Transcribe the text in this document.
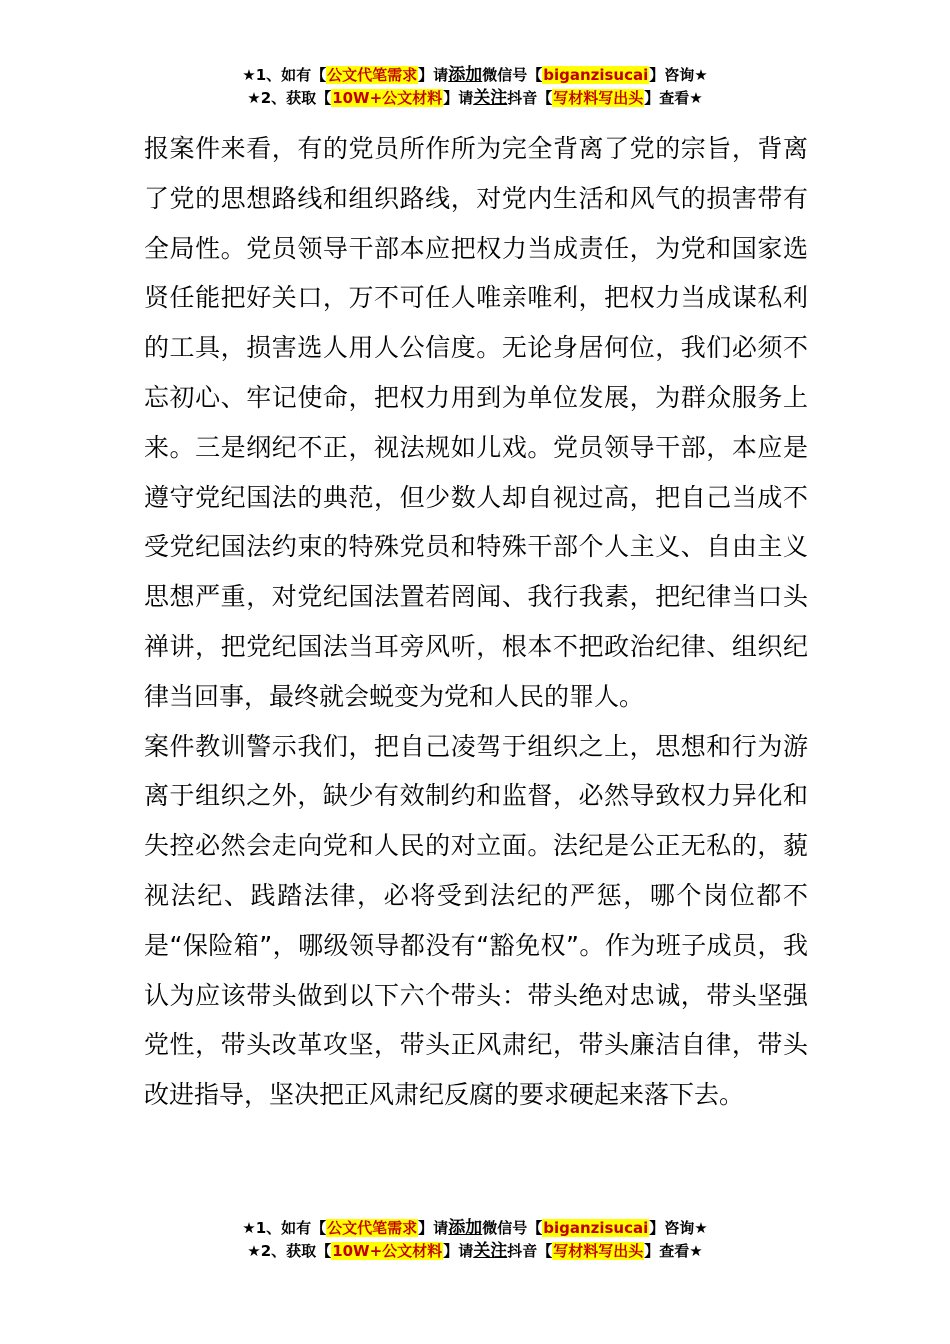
★1、如有【公文代笔需求】请添加微信号【biganzisucai】咨询★
★2、获取【10W+公文材料】请关注抖音【写材料写出头】查看★

报案件来看，有的党员所作所为完全背离了党的宗旨，背离了党的思想路线和组织路线，对党内生活和风气的损害带有全局性。党员领导干部本应把权力当成责任，为党和国家选贤任能把好关口，万不可任人唯亲唯利，把权力当成谋私利的工具，损害选人用人公信度。无论身居何位，我们必须不忘初心、牢记使命，把权力用到为单位发展，为群众服务上来。三是纲纪不正，视法规如儿戏。党员领导干部，本应是遵守党纪国法的典范，但少数人却自视过高，把自己当成不受党纪国法约束的特殊党员和特殊干部个人主义、自由主义思想严重，对党纪国法置若罔闻、我行我素，把纪律当口头禅讲，把党纪国法当耳旁风听，根本不把政治纪律、组织纪律当回事，最终就会蜕变为党和人民的罪人。

案件教训警示我们，把自己凌驾于组织之上，思想和行为游离于组织之外，缺少有效制约和监督，必然导致权力异化和失控必然会走向党和人民的对立面。法纪是公正无私的，藐视法纪、践踏法律，必将受到法纪的严惩，哪个岗位都不是“保险箱”，哪级领导都没有“豁免权”。作为班子成员，我认为应该带头做到以下六个带头：带头绝对忠诚，带头坚强党性，带头改革攻坚，带头正风肃纪，带头廉洁自律，带头改进指导，坚决把正风肃纪反腐的要求硬起来落下去。

★1、如有【公文代笔需求】请添加微信号【biganzisucai】咨询★
★2、获取【10W+公文材料】请关注抖音【写材料写出头】查看★
